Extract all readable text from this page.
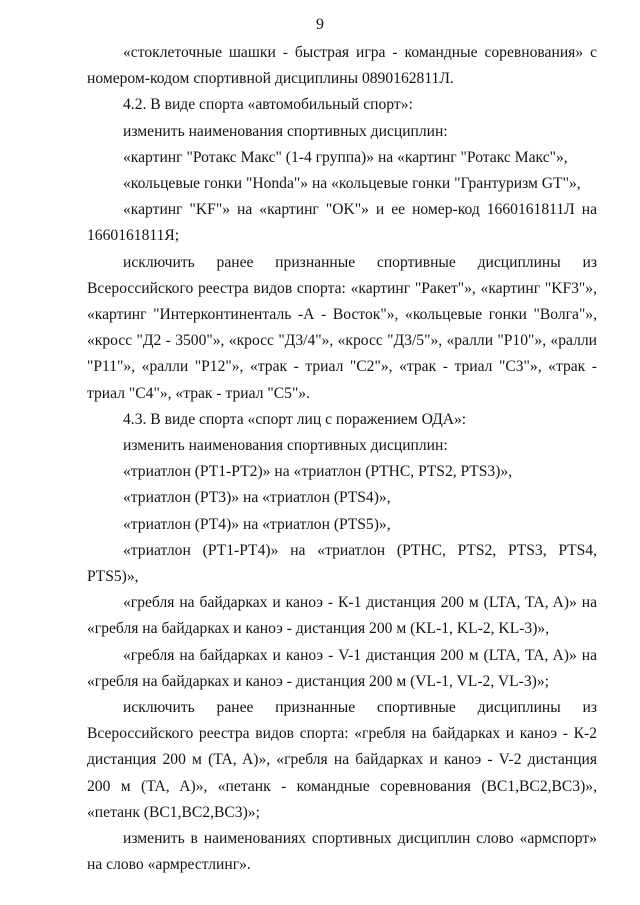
9

«стоклеточные шашки - быстрая игра - командные соревнования» с номером-кодом спортивной дисциплины 0890162811Л.

4.2. В виде спорта «автомобильный спорт»:

изменить наименования спортивных дисциплин:

«картинг "Ротакс Макс" (1-4 группа)» на «картинг "Ротакс Макс"»,

«кольцевые гонки "Honda"» на «кольцевые гонки "Грантуризм GT"»,

«картинг "KF"» на «картинг "OK"» и ее номер-код 1660161811Л на 1660161811Я;

исключить ранее признанные спортивные дисциплины из Всероссийского реестра видов спорта: «картинг "Ракет"», «картинг "KF3"», «картинг "Интерконтиненталь -А - Восток"», «кольцевые гонки "Волга"», «кросс "Д2 - 3500"», «кросс "Д3/4"», «кросс "Д3/5"», «ралли "Р10"», «ралли "Р11"», «ралли "Р12"», «трак - триал "С2"», «трак - триал "С3"», «трак - триал "С4"», «трак - триал "С5"».

4.3. В виде спорта «спорт лиц с поражением ОДА»:

изменить наименования спортивных дисциплин:

«триатлон (РТ1-РТ2)» на «триатлон (PTHC, PTS2, PTS3)»,

«триатлон (РТ3)» на «триатлон (PTS4)»,

«триатлон (РТ4)» на «триатлон (PTS5)»,

«триатлон (РТ1-РТ4)» на «триатлон (PTHC, PTS2, PTS3, PTS4, PTS5)»,

«гребля на байдарках и каноэ - К-1 дистанция 200 м (LTA, TA, A)» на «гребля на байдарках и каноэ - дистанция 200 м (KL-1, KL-2, KL-3)»,

«гребля на байдарках и каноэ - V-1 дистанция 200 м (LTA, TA, A)» на «гребля на байдарках и каноэ - дистанция 200 м (VL-1, VL-2, VL-3)»;

исключить ранее признанные спортивные дисциплины из Всероссийского реестра видов спорта: «гребля на байдарках и каноэ - К-2 дистанция 200 м (TA, A)», «гребля на байдарках и каноэ - V-2 дистанция 200 м (TA, A)», «петанк - командные соревнования (ВС1,ВС2,ВС3)», «петанк (ВС1,ВС2,ВС3)»;

изменить в наименованиях спортивных дисциплин слово «армспорт» на слово «армрестлинг».
